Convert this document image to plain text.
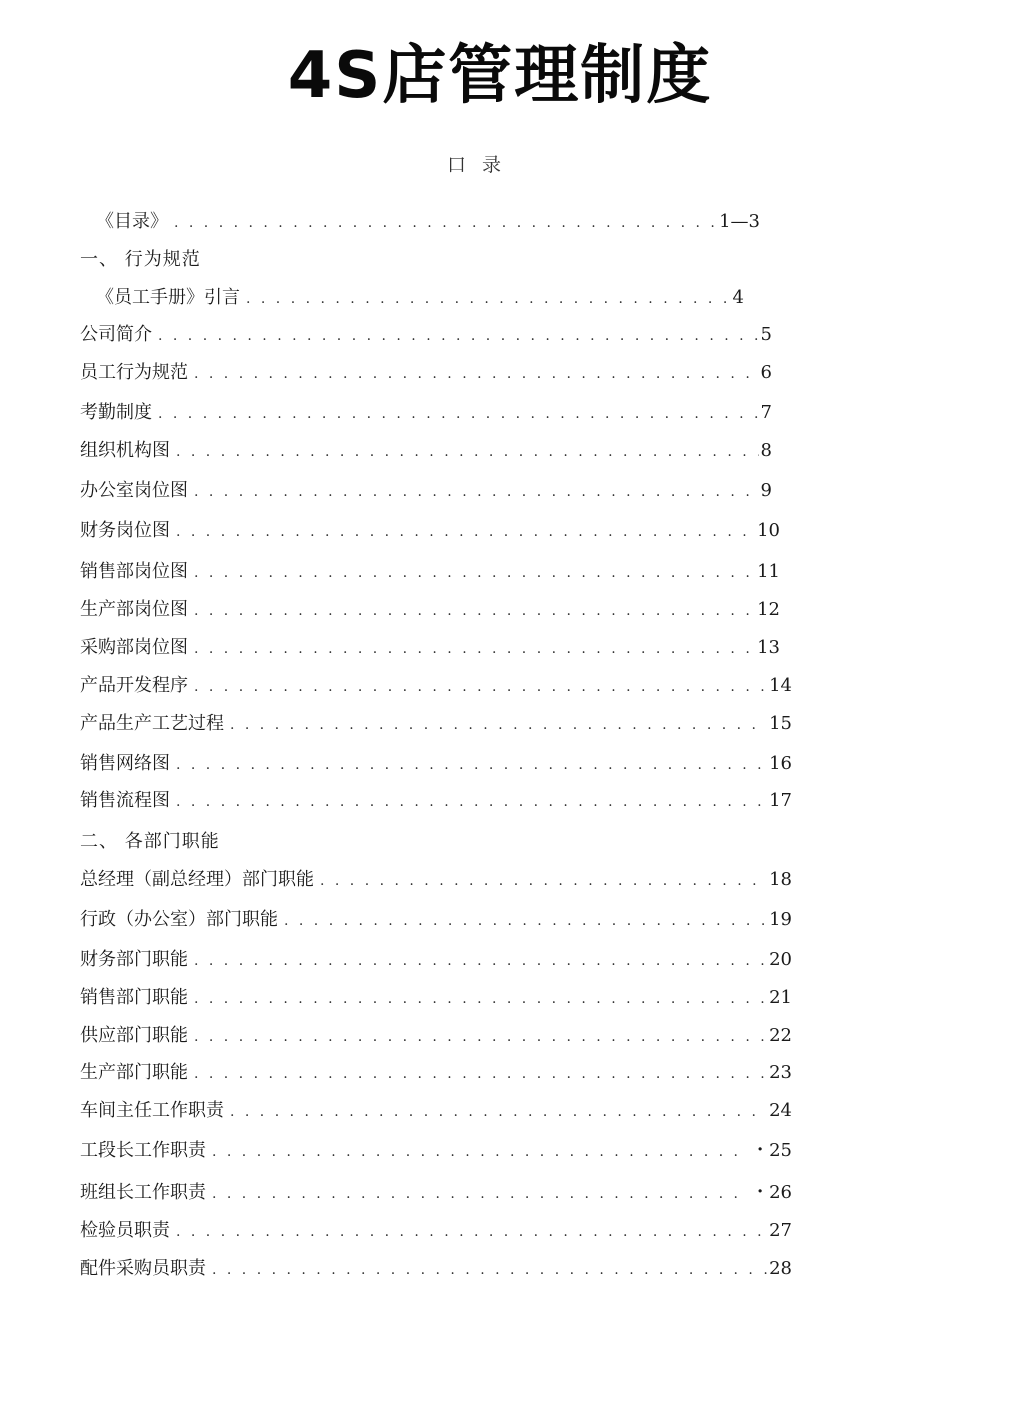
4S店管理制度
口录
《目录》 . . .	1—3
一、 行为规范
《员工手册》引言 . . .	4
公司简介 . . .	5
员工行为规范 . . .	6
考勤制度 . . .	7
组织机构图 . . .	8
办公室岗位图 . . .	9
财务岗位图 . . .	10
销售部岗位图 . . .	11
生产部岗位图 . . .	12
采购部岗位图 . . .	13
产品开发程序 . . .	14
产品生产工艺过程 . . .	15
销售网络图 . . .	16
销售流程图 . . .	17
二、 各部门职能
总经理（副总经理）部门职能 . . .	18
行政（办公室）部门职能 . . .	19
财务部门职能 . . .	20
销售部门职能 . . .	21
供应部门职能 . . .	22
生产部门职能 . . .	23
车间主任工作职责 . . .	24
工段长工作职责 . . .	・25
班组长工作职责 . . .	・26
检验员职责 . . .	27
配件采购员职责 . . .	28
